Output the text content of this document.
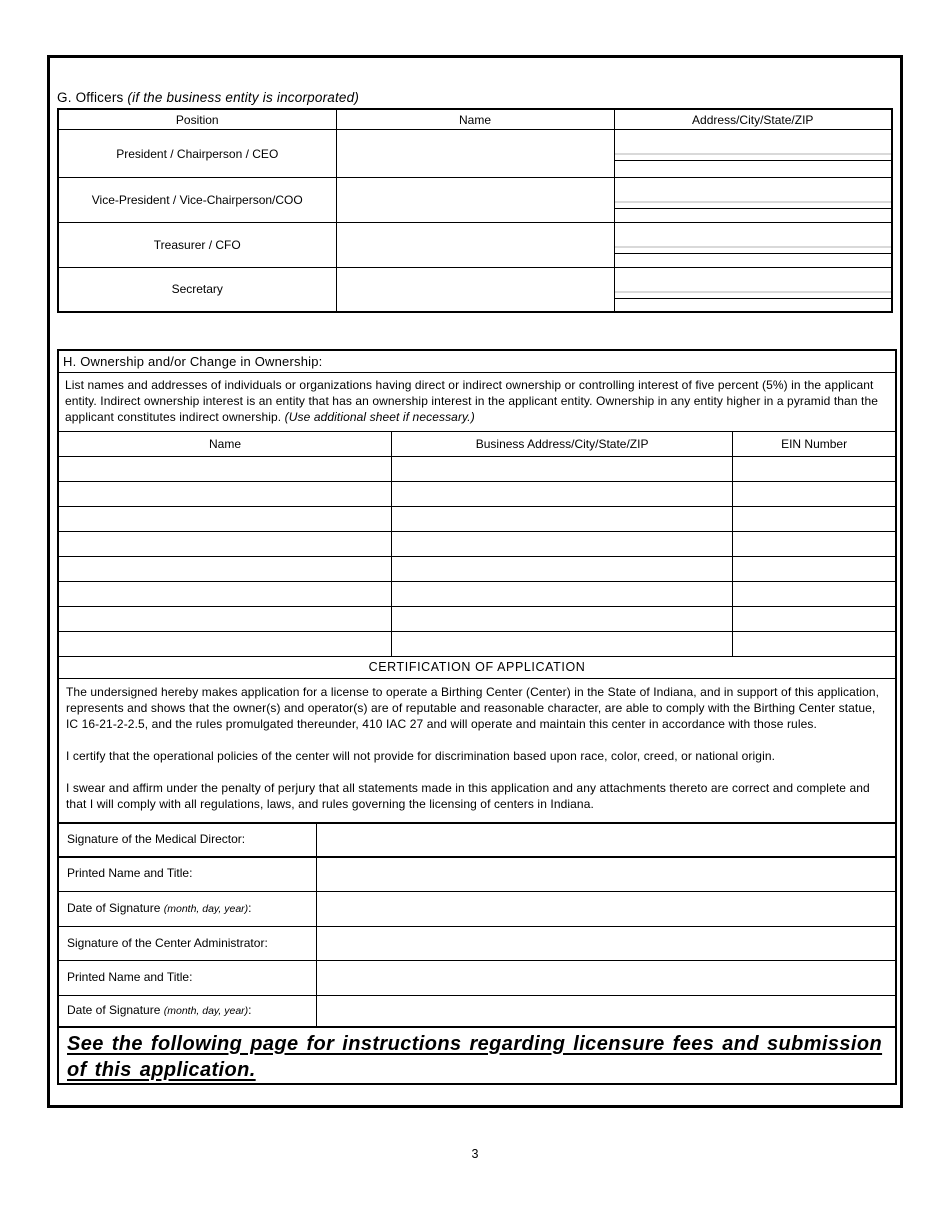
G. Officers (if the business entity is incorporated)
Position	Name	Address/City/State/ZIP
President / Chairperson / CEO		

Vice-President / Vice-Chairperson/COO		

Treasurer / CFO		

Secretary		
H. Ownership and/or Change in Ownership:
List names and addresses of individuals or organizations having direct or indirect ownership or controlling interest of five percent (5%) in the applicant entity. Indirect ownership interest is an entity that has an ownership interest in the applicant entity. Ownership in any entity higher in a pyramid than the applicant constitutes indirect ownership. (Use additional sheet if necessary.)
Name	Business Address/City/State/ZIP	EIN Number

CERTIFICATION OF APPLICATION

The undersigned hereby makes application for a license to operate a Birthing Center (Center) in the State of Indiana, and in support of this application, represents and shows that the owner(s) and operator(s) are of reputable and reasonable character, are able to comply with the Birthing Center statue, IC 16-21-2-2.5, and the rules promulgated thereunder, 410 IAC 27 and will operate and maintain this center in accordance with those rules.

I certify that the operational policies of the center will not provide for discrimination based upon race, color, creed, or national origin.

I swear and affirm under the penalty of perjury that all statements made in this application and any attachments thereto are correct and complete and that I will comply with all regulations, laws, and rules governing the licensing of centers in Indiana.

Signature of the Medical Director:	
Printed Name and Title:	
Date of Signature (month, day, year):	
Signature of the Center Administrator:	
Printed Name and Title:	
Date of Signature (month, day, year):	
See the following page for instructions regarding licensure fees and submission of this application.
3
